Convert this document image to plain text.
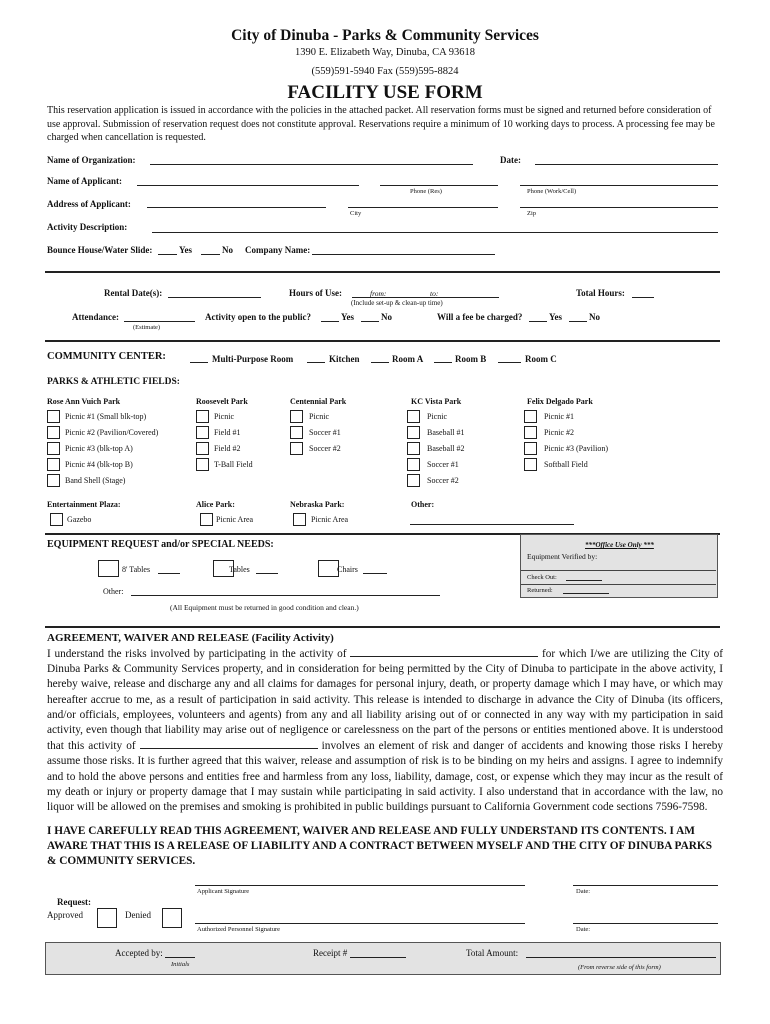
City of Dinuba - Parks & Community Services
1390 E. Elizabeth Way, Dinuba, CA 93618
(559)591-5940 Fax (559)595-8824
FACILITY USE FORM
This reservation application is issued in accordance with the policies in the attached packet. All reservation forms must be signed and returned before consideration of use approval. Submission of reservation request does not constitute approval. Reservations require a minimum of 10 working days to process. A processing fee may be charged when cancellation is requested.
Name of Organization:	Date:
Name of Applicant:
Phone (Res)	Phone (Work/Cell)
Address of Applicant:
City	Zip
Activity Description:
Bounce House/Water Slide:	Yes	No Company Name:
Rental Date(s):	Hours of Use:	from:	to:
(Include set-up & clean-up time)
Total Hours:
Attendance:
(Estimate)
Activity open to the public?	Yes	No	Will a fee be charged?	Yes	No
COMMUNITY CENTER:	Multi-Purpose Room	Kitchen	Room A	Room B	Room C
PARKS & ATHLETIC FIELDS:
Rose Ann Vuich Park
Picnic #1 (Small blk-top)
Picnic #2 (Pavilion/Covered)
Picnic #3 (blk-top A)
Picnic #4 (blk-top B)
Band Shell (Stage)
Roosevelt Park
Picnic
Field #1
Field #2
T-Ball Field
Centennial Park
Picnic
Soccer #1
Soccer #2
KC Vista Park
Picnic
Baseball #1
Baseball #2
Soccer #1
Soccer #2
Felix Delgado Park
Picnic #1
Picnic #2
Picnic #3 (Pavilion)
Softball Field
Entertainment Plaza:
Gazebo
Alice Park:
Picnic Area
Nebraska Park:
Picnic Area
Other:
EQUIPMENT REQUEST and/or SPECIAL NEEDS:
8' Tables	Tables	Chairs
Other:
(All Equipment must be returned in good condition and clean.)
***Office Use Only ***
Equipment Verified by:
Check Out:
Returned:
AGREEMENT, WAIVER AND RELEASE (Facility Activity)
I understand the risks involved by participating in the activity of	for which I/we are utilizing the City of Dinuba Parks & Community Services property, and in consideration for being permitted by the City of Dinuba to participate in the above activity, I hereby waive, release and discharge any and all claims for damages for personal injury, death, or property damage which I may have, or which may hereafter accrue to me, as a result of participation in said activity. This release is intended to discharge in advance the City of Dinuba (its officers, and/or officials, employees, volunteers and agents) from any and all liability arising out of or connected in any way with my participation in said activity, even though that liability may arise out of negligence or carelessness on the part of the persons or entities mentioned above. It is understood that this activity of	involves an element of risk and danger of accidents and knowing those risks I hereby assume those risks. It is further agreed that this waiver, release and assumption of risk is to be binding on my heirs and assigns. I agree to indemnify and to hold the above persons and entities free and harmless from any loss, liability, damage, cost, or expense which they may incur as the result of my death or injury or property damage that I may sustain while participating in said activity. I also understand that in accordance with the law, no liquor will be allowed on the premises and smoking is prohibited in public buildings pursuant to California Government code sections 7596-7598.
I HAVE CAREFULLY READ THIS AGREEMENT, WAIVER AND RELEASE AND FULLY UNDERSTAND ITS CONTENTS. I AM AWARE THAT THIS IS A RELEASE OF LIABILITY AND A CONTRACT BETWEEN MYSELF AND THE CITY OF DINUBA PARKS & COMMUNITY SERVICES.
Applicant Signature	Date:
Request:
Approved	Denied
Authorized Personnel Signature	Date:
Accepted by:
Initials
Receipt #	Total Amount:
(From reverse side of this form)
